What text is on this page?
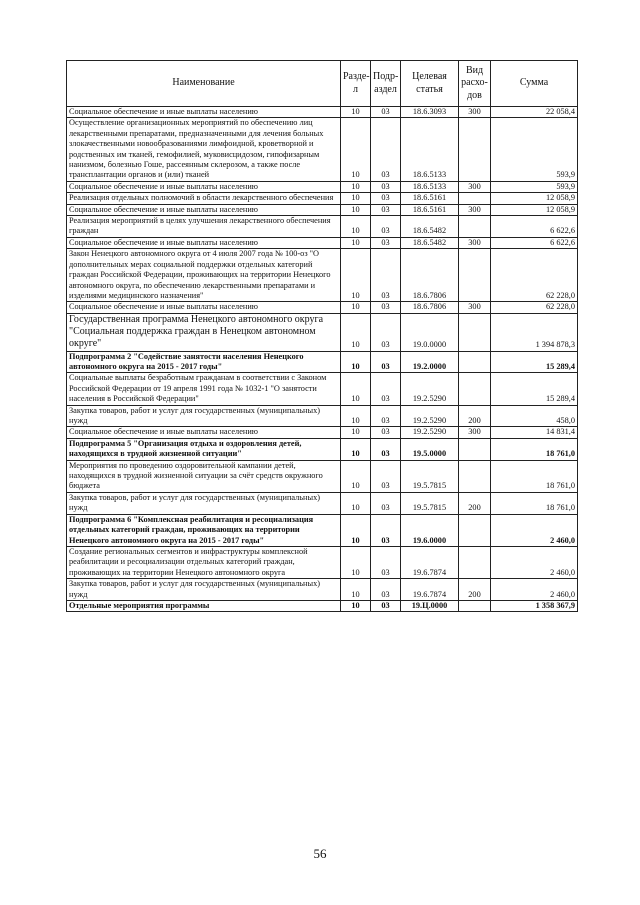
Наименование	Раздел	Подраздел	Целевая статья	Вид расходов	Сумма
Социальное обеспечение и иные выплаты населению	10	03	18.6.3093	300	22 058,4
Осуществление организационных мероприятий по обеспечению лиц лекарственными препаратами, предназначенными для лечения больных злокачественными новообразованиями лимфоидной, кроветворной и родственных им тканей, гемофилией, муковисцидозом, гипофизарным нанизмом, болезнью Гоше, рассеянным склерозом, а также после трансплантации органов и (или) тканей	10	03	18.6.5133		593,9
Социальное обеспечение и иные выплаты населению	10	03	18.6.5133	300	593,9
Реализация отдельных полномочий в области лекарственного обеспечения	10	03	18.6.5161		12 058,9
Социальное обеспечение и иные выплаты населению	10	03	18.6.5161	300	12 058,9
Реализация мероприятий в целях улучшения лекарственного обеспечения граждан	10	03	18.6.5482		6 622,6
Социальное обеспечение и иные выплаты населению	10	03	18.6.5482	300	6 622,6
Закон Ненецкого автономного округа от 4 июля 2007 года № 100-оз "О дополнительных мерах социальной поддержки отдельных категорий граждан Российской Федерации, проживающих на территории Ненецкого автономного округа, по обеспечению лекарственными препаратами и изделиями медицинского назначения"	10	03	18.6.7806		62 228,0
Социальное обеспечение и иные выплаты населению	10	03	18.6.7806	300	62 228,0
Государственная программа Ненецкого автономного округа "Социальная поддержка граждан в Ненецком автономном округе"	10	03	19.0.0000		1 394 878,3
Подпрограмма 2 "Содействие занятости населения Ненецкого автономного округа на 2015 - 2017 годы"	10	03	19.2.0000		15 289,4
Социальные выплаты безработным гражданам в соответствии с Законом Российской Федерации от 19 апреля 1991 года № 1032-1 "О занятости населения в Российской Федерации"	10	03	19.2.5290		15 289,4
Закупка товаров, работ и услуг для государственных (муниципальных) нужд	10	03	19.2.5290	200	458,0
Социальное обеспечение и иные выплаты населению	10	03	19.2.5290	300	14 831,4
Подпрограмма 5 "Организация отдыха и оздоровления детей, находящихся в трудной жизненной ситуации"	10	03	19.5.0000		18 761,0
Мероприятия по проведению оздоровительной кампании детей, находящихся в трудной жизненной ситуации за счёт средств окружного бюджета	10	03	19.5.7815		18 761,0
Закупка товаров, работ и услуг для государственных (муниципальных) нужд	10	03	19.5.7815	200	18 761,0
Подпрограмма 6 "Комплексная реабилитация и ресоциализация отдельных категорий граждан, проживающих на территории Ненецкого автономного округа на 2015 - 2017 годы"	10	03	19.6.0000		2 460,0
Создание региональных сегментов и инфраструктуры комплексной реабилитации и ресоциализации отдельных категорий граждан, проживающих на территории Ненецкого автономного округа	10	03	19.6.7874		2 460,0
Закупка товаров, работ и услуг для государственных (муниципальных) нужд	10	03	19.6.7874	200	2 460,0
Отдельные мероприятия программы	10	03	19.Ц.0000		1 358 367,9
56
